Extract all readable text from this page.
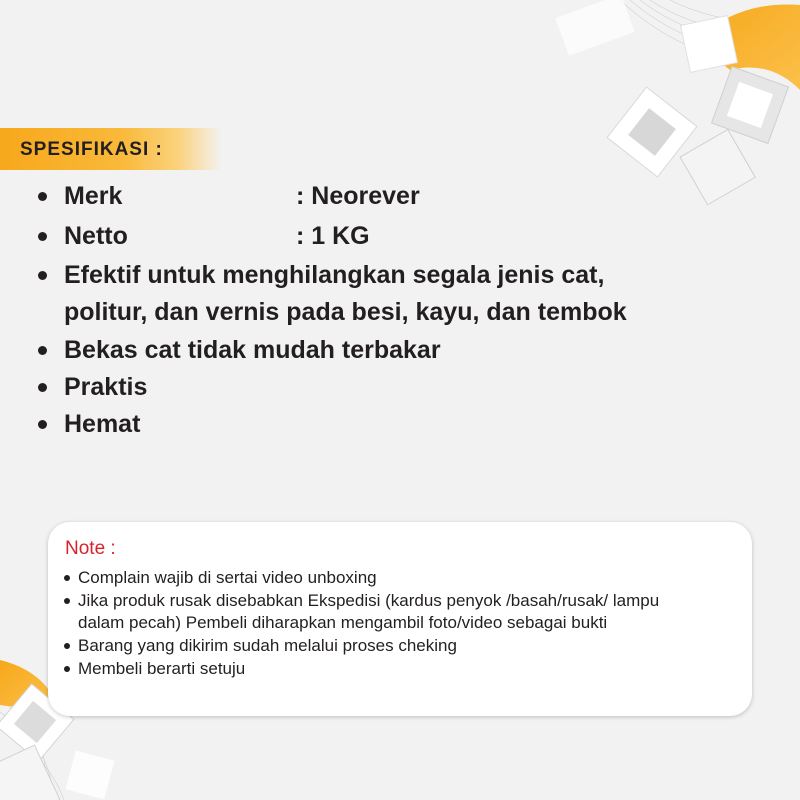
SPESIFIKASI :
Merk	: Neorever
Netto	: 1 KG
Efektif untuk menghilangkan segala jenis cat, politur, dan vernis pada besi, kayu, dan tembok
Bekas cat tidak mudah terbakar
Praktis
Hemat
Note :
Complain wajib di sertai video unboxing
Jika produk rusak disebabkan Ekspedisi (kardus penyok /basah/rusak/ lampu dalam pecah) Pembeli diharapkan mengambil foto/video sebagai bukti
Barang yang dikirim sudah melalui proses cheking
Membeli berarti setuju
